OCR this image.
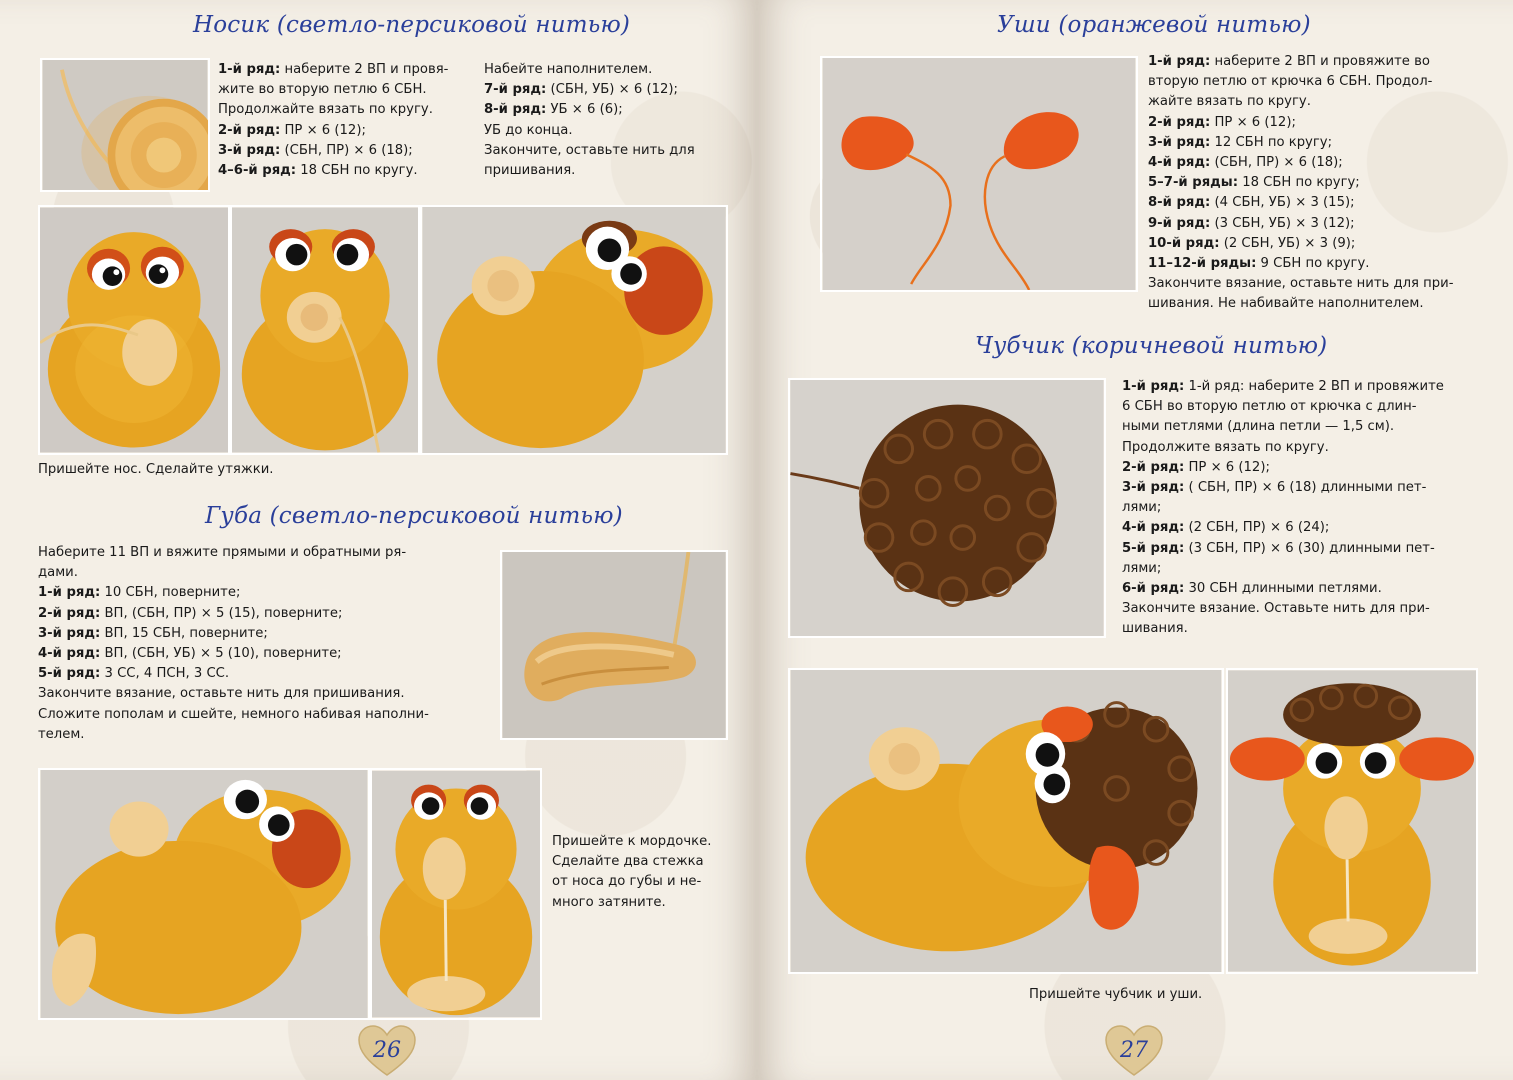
Носик (светло-персиковой нитью)

1-й ряд: наберите 2 ВП и провя-

жите во вторую петлю 6 СБН.

Продолжайте вязать по кругу.

2-й ряд: ПР × 6 (12);

3-й ряд: (СБН, ПР) × 6 (18);

4–6-й ряд: 18 СБН по кругу.

Набейте наполнителем.

7-й ряд: (СБН, УБ) × 6 (12);

8-й ряд: УБ × 6 (6);

УБ до конца.

Закончите, оставьте нить для

пришивания.

Пришейте нос. Сделайте утяжки.
Губа (светло-персиковой нитью)

Наберите 11 ВП и вяжите прямыми и обратными ря-

дами.

1-й ряд: 10 СБН, поверните;

2-й ряд: ВП, (СБН, ПР) × 5 (15), поверните;

3-й ряд: ВП, 15 СБН, поверните;

4-й ряд: ВП, (СБН, УБ) × 5 (10), поверните;

5-й ряд: 3 СС, 4 ПСН, 3 СС.

Закончите вязание, оставьте нить для пришивания.

Сложите пополам и сшейте, немного набивая наполни-

телем.

Пришейте к мордочке.

Сделайте два стежка

от носа до губы и не-

много затяните.

26
Уши (оранжевой нитью)

1-й ряд: наберите 2 ВП и провяжите во

вторую петлю от крючка 6 СБН. Продол-

жайте вязать по кругу.

2-й ряд: ПР × 6 (12);

3-й ряд: 12 СБН по кругу;

4-й ряд: (СБН, ПР) × 6 (18);

5–7-й ряды: 18 СБН по кругу;

8-й ряд: (4 СБН, УБ) × 3 (15);

9-й ряд: (3 СБН, УБ) × 3 (12);

10-й ряд: (2 СБН, УБ) × 3 (9);

11–12-й ряды: 9 СБН по кругу.

Закончите вязание, оставьте нить для при-

шивания. Не набивайте наполнителем.

Чубчик (коричневой нитью)

1-й ряд: 1-й ряд: наберите 2 ВП и провяжите

6 СБН во вторую петлю от крючка с длин-

ными петлями (длина петли — 1,5 см).

Продолжите вязать по кругу.

2-й ряд: ПР × 6 (12);

3-й ряд: ( СБН, ПР) × 6 (18) длинными пет-

лями;

4-й ряд: (2 СБН, ПР) × 6 (24);

5-й ряд: (3 СБН, ПР) × 6 (30) длинными пет-

лями;

6-й ряд: 30 СБН длинными петлями.

Закончите вязание. Оставьте нить для при-

шивания.

Пришейте чубчик и уши.
27
